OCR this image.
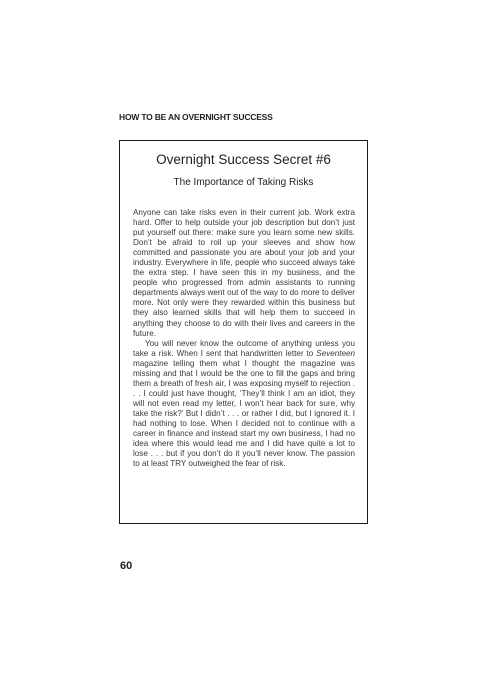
HOW TO BE AN OVERNIGHT SUCCESS
Overnight Success Secret #6
The Importance of Taking Risks

Anyone can take risks even in their current job. Work extra hard. Offer to help outside your job description but don’t just put yourself out there: make sure you learn some new skills. Don’t be afraid to roll up your sleeves and show how committed and passionate you are about your job and your industry. Everywhere in life, people who succeed always take the extra step. I have seen this in my business, and the people who progressed from admin assistants to running departments always went out of the way to do more to deliver more. Not only were they rewarded within this business but they also learned skills that will help them to succeed in anything they choose to do with their lives and careers in the future.

You will never know the outcome of anything unless you take a risk. When I sent that handwritten letter to Seventeen magazine telling them what I thought the magazine was missing and that I would be the one to fill the gaps and bring them a breath of fresh air, I was exposing myself to rejection . . . I could just have thought, ‘They’ll think I am an idiot, they will not even read my letter, I won’t hear back for sure, why take the risk?’ But I didn’t . . . or rather I did, but I ignored it. I had nothing to lose. When I decided not to continue with a career in finance and instead start my own business, I had no idea where this would lead me and I did have quite a lot to lose . . . but if you don’t do it you’ll never know. The passion to at least TRY outweighed the fear of risk.

60
